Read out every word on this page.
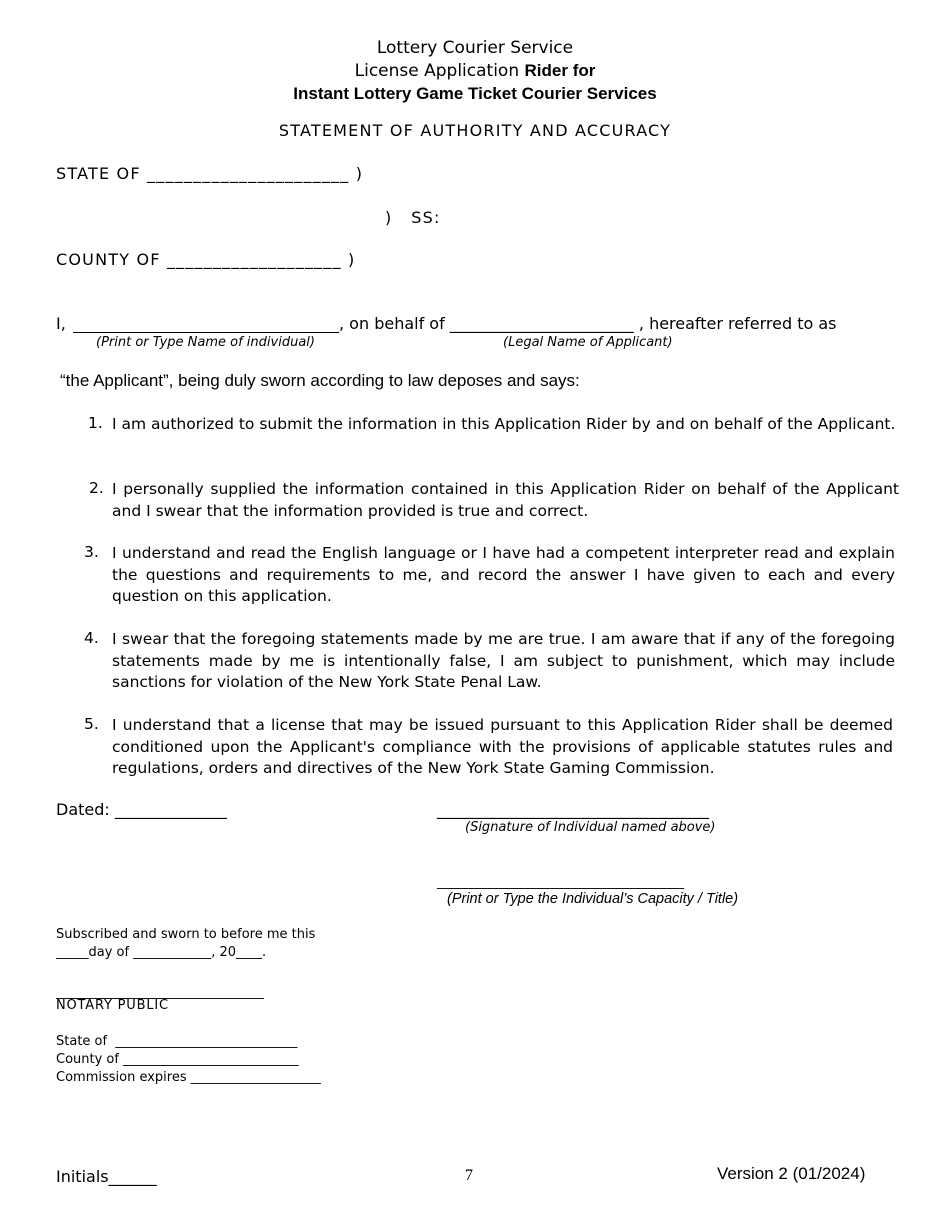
Lottery Courier Service
License Application Rider for
Instant Lottery Game Ticket Courier Services
STATEMENT OF AUTHORITY AND ACCURACY
STATE OF ______________________ )
)   SS:
COUNTY OF ___________________ )
I,	, on behalf of _______________________ , hereafter referred to as
(Print or Type Name of individual)	(Legal Name of Applicant)
“the Applicant”, being duly sworn according to law deposes and says:
1. I am authorized to submit the information in this Application Rider by and on behalf of the Applicant.
2. I personally supplied the information contained in this Application Rider on behalf of the Applicant and I swear that the information provided is true and correct.
3. I understand and read the English language or I have had a competent interpreter read and explain the questions and requirements to me, and record the answer I have given to each and every question on this application.
4. I swear that the foregoing statements made by me are true. I am aware that if any of the foregoing statements made by me is intentionally false, I am subject to punishment, which may include sanctions for violation of the New York State Penal Law.
5. I understand that a license that may be issued pursuant to this Application Rider shall be deemed conditioned upon the Applicant's compliance with the provisions of applicable statutes rules and regulations, orders and directives of the New York State Gaming Commission.
Dated: ______________	__________________________________
(Signature of Individual named above)
______________________________________
(Print or Type the Individual’s Capacity / Title)
Subscribed and sworn to before me this
_____day of ____________, 20____.
________________________________
NOTARY PUBLIC
State of  ____________________________
County of ___________________________
Commission expires ____________________
Initials______	7	Version 2 (01/2024)
